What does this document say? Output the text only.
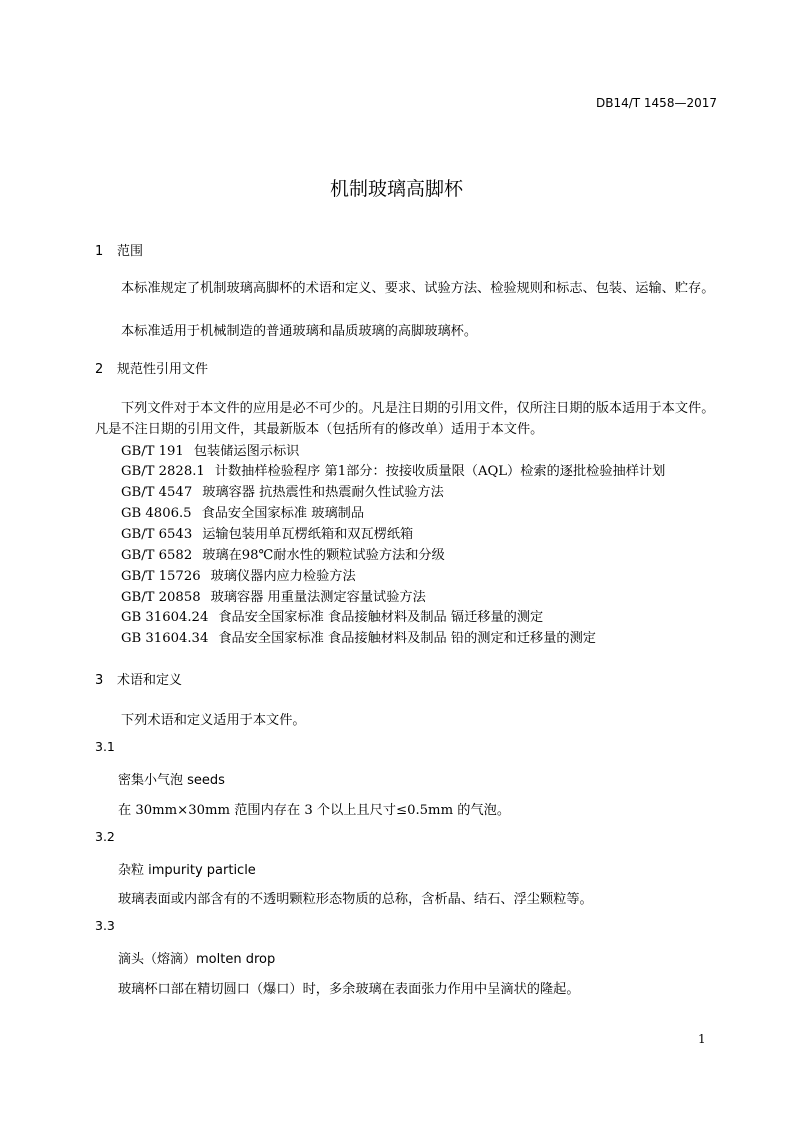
DB14/T 1458—2017
机制玻璃高脚杯
1 范围
本标准规定了机制玻璃高脚杯的术语和定义、要求、试验方法、检验规则和标志、包装、运输、贮存。
本标准适用于机械制造的普通玻璃和晶质玻璃的高脚玻璃杯。
2 规范性引用文件
下列文件对于本文件的应用是必不可少的。凡是注日期的引用文件，仅所注日期的版本适用于本文件。凡是不注日期的引用文件，其最新版本（包括所有的修改单）适用于本文件。
GB/T 191 包装储运图示标识
GB/T 2828.1 计数抽样检验程序 第1部分：按接收质量限（AQL）检索的逐批检验抽样计划
GB/T 4547 玻璃容器 抗热震性和热震耐久性试验方法
GB 4806.5 食品安全国家标准 玻璃制品
GB/T 6543 运输包装用单瓦楞纸箱和双瓦楞纸箱
GB/T 6582 玻璃在98℃耐水性的颗粒试验方法和分级
GB/T 15726 玻璃仪器内应力检验方法
GB/T 20858 玻璃容器 用重量法测定容量试验方法
GB 31604.24 食品安全国家标准 食品接触材料及制品 镉迁移量的测定
GB 31604.34 食品安全国家标准 食品接触材料及制品 铅的测定和迁移量的测定
3 术语和定义
下列术语和定义适用于本文件。
3.1
密集小气泡 seeds
在 30mm×30mm 范围内存在 3 个以上且尺寸≤0.5mm 的气泡。
3.2
杂粒 impurity particle
玻璃表面或内部含有的不透明颗粒形态物质的总称，含析晶、结石、浮尘颗粒等。
3.3
滴头（熔滴）molten drop
玻璃杯口部在精切圆口（爆口）时，多余玻璃在表面张力作用中呈滴状的隆起。
1
